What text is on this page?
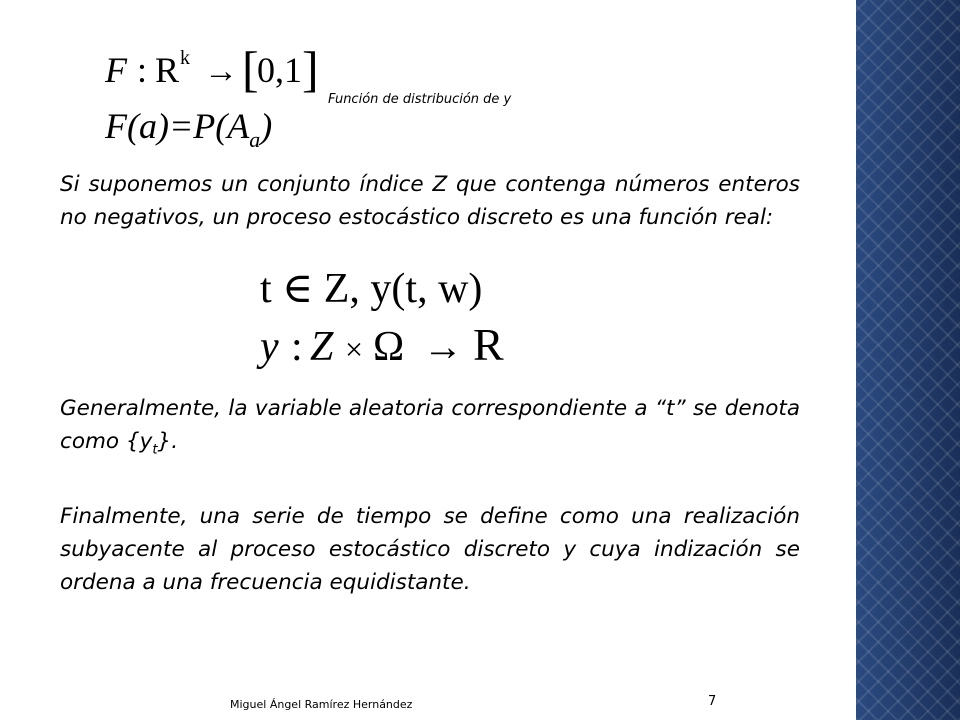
F : R k → [
0,1 ]
$F(a)=P(A_a)$
Función de distribución de y

Si suponemos un conjunto índice Z que contenga números enteros no negativos, un proceso estocástico discreto es una función real:

t ∈ Z, y(t, w)
y : Z × Ω → R

Generalmente, la variable aleatoria correspondiente a “t” se denota como $\{y_t\}$.

Finalmente, una serie de tiempo se define como una realización subyacente al proceso estocástico discreto y cuya indización se ordena a una frecuencia equidistante.

Miguel Ángel Ramírez Hernández	7
